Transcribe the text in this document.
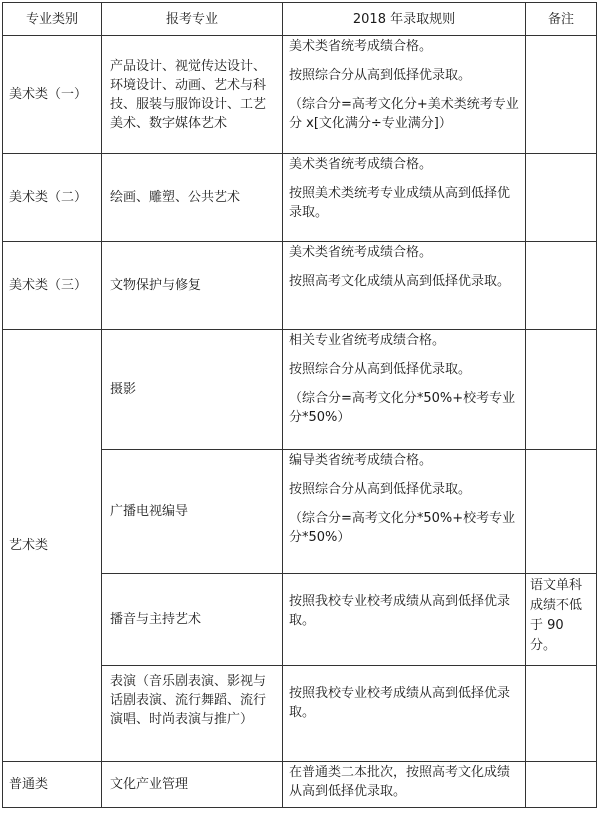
专业类别	报考专业	2018 年录取规则	备注
美术类（一）	产品设计、视觉传达设计、环境设计、动画、艺术与科技、服装与服饰设计、工艺美术、数字媒体艺术	美术类省统考成绩合格。

按照综合分从高到低择优录取。

（综合分=高考文化分+美术类统考专业分 x[文化满分÷专业满分]）	

美术类（二）	绘画、雕塑、公共艺术	美术类省统考成绩合格。

按照美术类统考专业成绩从高到低择优录取。	

美术类（三）	文物保护与修复	美术类省统考成绩合格。

按照高考文化成绩从高到低择优录取。	

艺术类	摄影	相关专业省统考成绩合格。

按照综合分从高到低择优录取。

（综合分=高考文化分*50%+校考专业分*50%）	

	广播电视编导	编导类省统考成绩合格。

按照综合分从高到低择优录取。

（综合分=高考文化分*50%+校考专业分*50%）	

	播音与主持艺术	按照我校专业校考成绩从高到低择优录取。	语文单科成绩不低于 90 分。
	表演（音乐剧表演、影视与话剧表演、流行舞蹈、流行演唱、时尚表演与推广）	按照我校专业校考成绩从高到低择优录取。	

普通类	文化产业管理	在普通类二本批次，按照高考文化成绩从高到低择优录取。	
